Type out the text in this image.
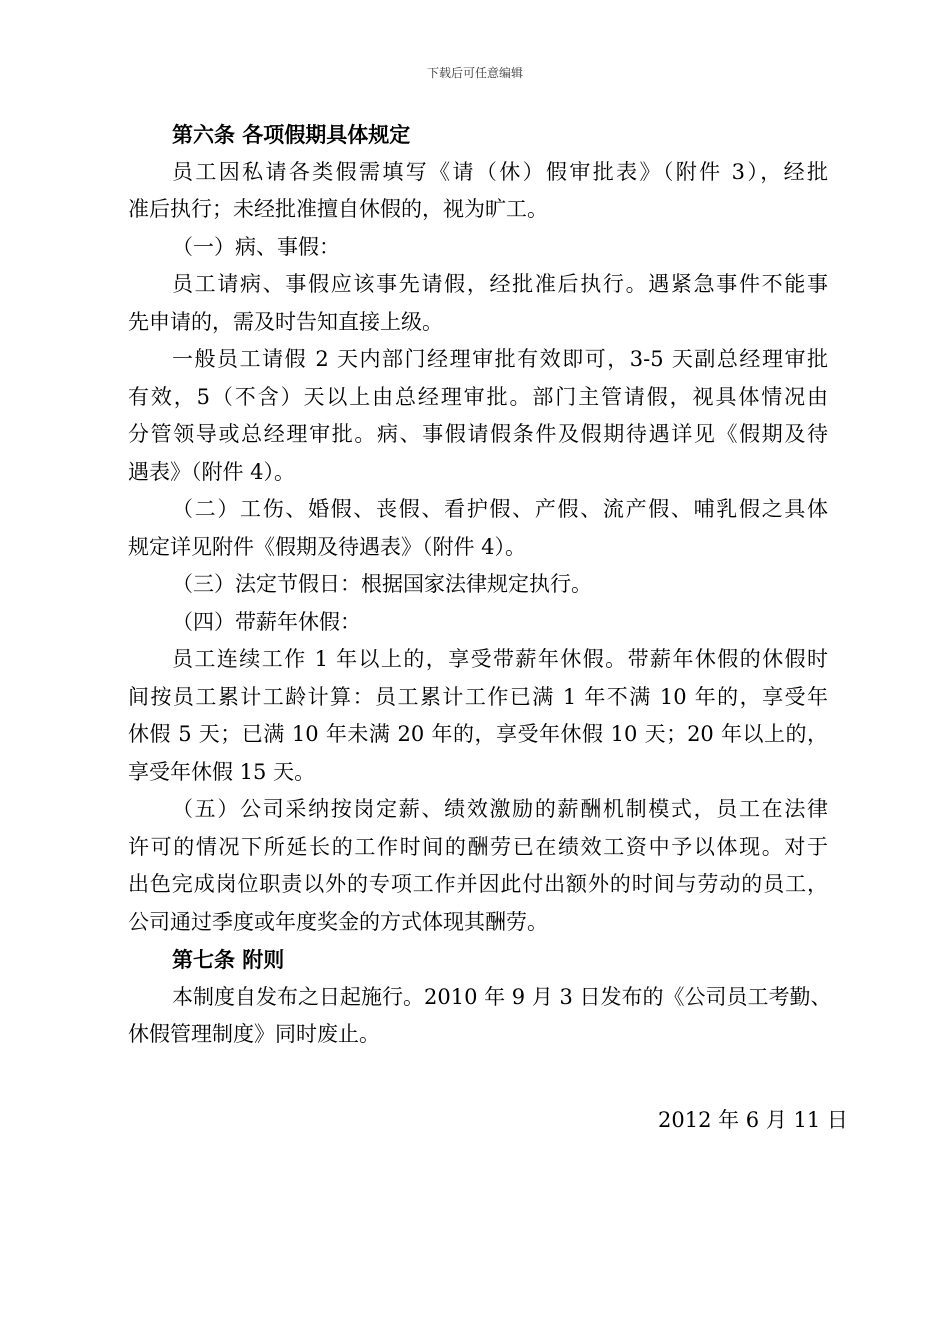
下载后可任意编辑
第六条 各项假期具体规定
员工因私请各类假需填写《请（休）假审批表》（附件 3），经批
准后执行；未经批准擅自休假的，视为旷工。
（一）病、事假：
员工请病、事假应该事先请假，经批准后执行。遇紧急事件不能事
先申请的，需及时告知直接上级。
一般员工请假 2 天内部门经理审批有效即可，3-5 天副总经理审批
有效，5（不含）天以上由总经理审批。部门主管请假，视具体情况由
分管领导或总经理审批。病、事假请假条件及假期待遇详见《假期及待
遇表》（附件 4）。
（二）工伤、婚假、丧假、看护假、产假、流产假、哺乳假之具体
规定详见附件《假期及待遇表》（附件 4）。
（三）法定节假日：根据国家法律规定执行。
（四）带薪年休假：
员工连续工作 1 年以上的，享受带薪年休假。带薪年休假的休假时
间按员工累计工龄计算：员工累计工作已满 1 年不满 10 年的，享受年
休假 5 天；已满 10 年未满 20 年的，享受年休假 10 天；20 年以上的，
享受年休假 15 天。
（五）公司采纳按岗定薪、绩效激励的薪酬机制模式，员工在法律
许可的情况下所延长的工作时间的酬劳已在绩效工资中予以体现。对于
出色完成岗位职责以外的专项工作并因此付出额外的时间与劳动的员工，
公司通过季度或年度奖金的方式体现其酬劳。
第七条 附则
本制度自发布之日起施行。2010 年 9 月 3 日发布的《公司员工考勤、
休假管理制度》同时废止。
2012 年 6 月 11 日
